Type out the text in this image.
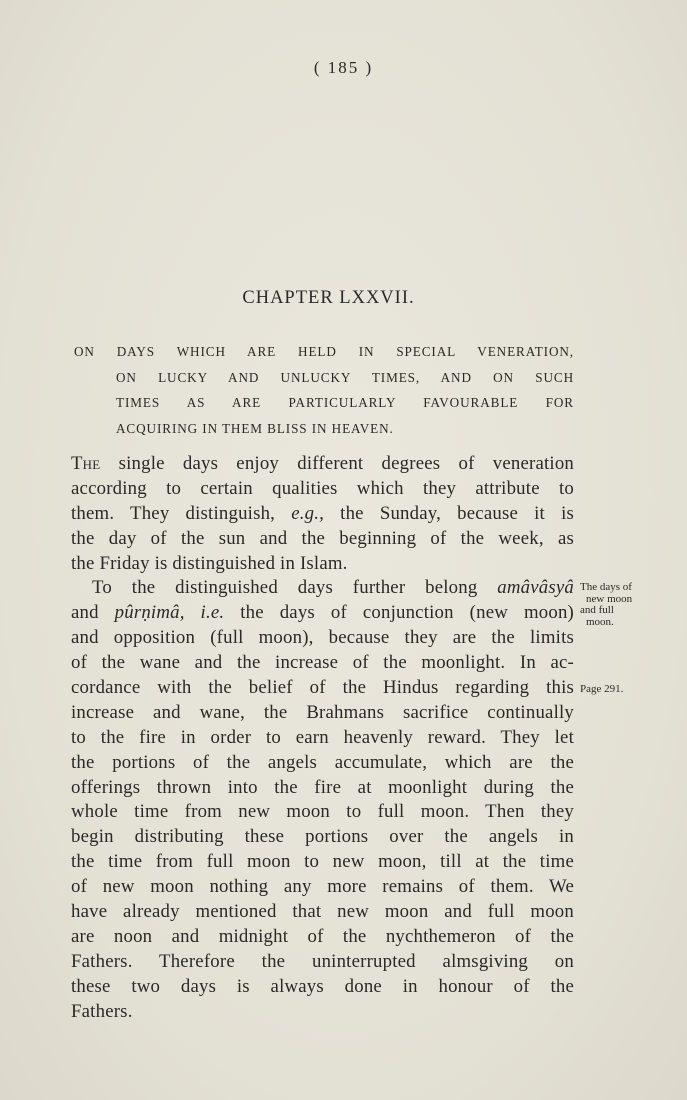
( 185 )
CHAPTER LXXVII.
ON DAYS WHICH ARE HELD IN SPECIAL VENERATION,
ON LUCKY AND UNLUCKY TIMES, AND ON SUCH
TIMES AS ARE PARTICULARLY FAVOURABLE FOR
ACQUIRING IN THEM BLISS IN HEAVEN.
The single days enjoy different degrees of veneration
according to certain qualities which they attribute to
them. They distinguish, e.g., the Sunday, because it is
the day of the sun and the beginning of the week, as
the Friday is distinguished in Islam.
To the distinguished days further belong amâvâsyâ
and pûrṇimâ, i.e. the days of conjunction (new moon)
and opposition (full moon), because they are the limits
of the wane and the increase of the moonlight. In ac-
cordance with the belief of the Hindus regarding this
increase and wane, the Brahmans sacrifice continually
to the fire in order to earn heavenly reward. They let
the portions of the angels accumulate, which are the
offerings thrown into the fire at moonlight during the
whole time from new moon to full moon. Then they
begin distributing these portions over the angels in
the time from full moon to new moon, till at the time
of new moon nothing any more remains of them. We
have already mentioned that new moon and full moon
are noon and midnight of the nychthemeron of the
Fathers. Therefore the uninterrupted almsgiving on
these two days is always done in honour of the
Fathers.
The days of
new moon
and full
moon.
Page 291.
